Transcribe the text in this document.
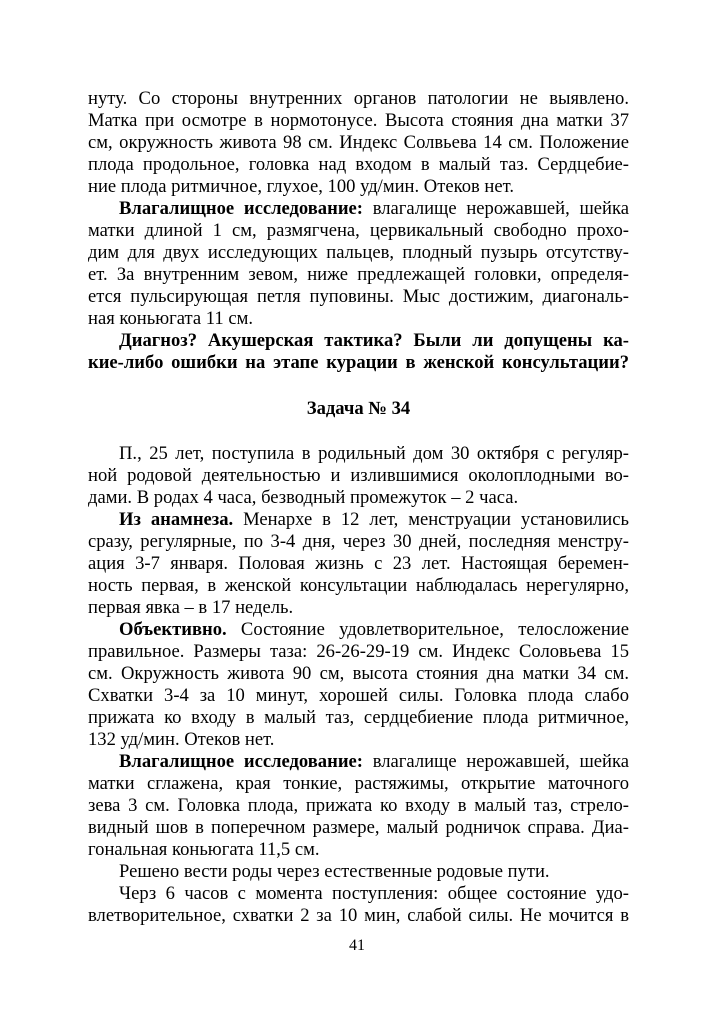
нуту. Со стороны внутренних органов патологии не выявлено.
Матка при осмотре в нормотонусе. Высота стояния дна матки 37
см, окружность живота 98 см. Индекс Солвьева 14 см. Положение
плода продольное, головка над входом в малый таз. Сердцебие-
ние плода ритмичное, глухое, 100 уд/мин. Отеков нет.
Влагалищное исследование: влагалище нерожавшей, шейка
матки длиной 1 см, размягчена, цервикальный свободно прохо-
дим для двух исследующих пальцев, плодный пузырь отсутству-
ет. За внутренним зевом, ниже предлежащей головки, определя-
ется пульсирующая петля пуповины. Мыс достижим, диагональ-
ная коньюгата 11 см.
Диагноз? Акушерская тактика? Были ли допущены ка-
кие-либо ошибки на этапе курации в женской консультации?
Задача № 34
П., 25 лет, поступила в родильный дом 30 октября с регуляр-
ной родовой деятельностью и излившимися околоплодными во-
дами. В родах 4 часа, безводный промежуток – 2 часа.
Из анамнеза. Менархе в 12 лет, менструации установились
сразу, регулярные, по 3-4 дня, через 30 дней, последняя менстру-
ация 3-7 января. Половая жизнь с 23 лет. Настоящая беремен-
ность первая, в женской консультации наблюдалась нерегулярно,
первая явка – в 17 недель.
Объективно. Состояние удовлетворительное, телосложение
правильное. Размеры таза: 26-26-29-19 см. Индекс Соловьева 15
см. Окружность живота 90 см, высота стояния дна матки 34 см.
Схватки 3-4 за 10 минут, хорошей силы. Головка плода слабо
прижата ко входу в малый таз, сердцебиение плода ритмичное,
132 уд/мин. Отеков нет.
Влагалищное исследование: влагалище нерожавшей, шейка
матки сглажена, края тонкие, растяжимы, открытие маточного
зева 3 см. Головка плода, прижата ко входу в малый таз, стрело-
видный шов в поперечном размере, малый родничок справа. Диа-
гональная коньюгата 11,5 см.
Решено вести роды через естественные родовые пути.
Черз 6 часов с момента поступления: общее состояние удо-
влетворительное, схватки 2 за 10 мин, слабой силы. Не мочится в
41
